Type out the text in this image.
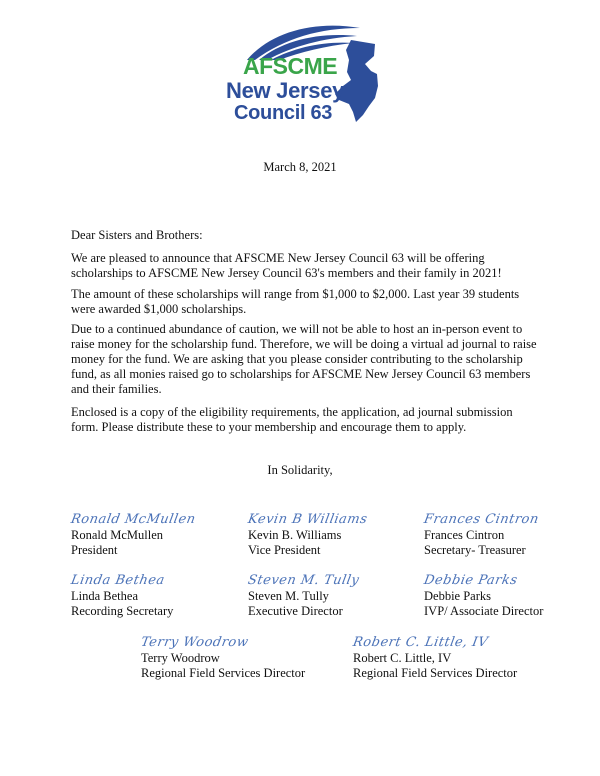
AFSCME
New Jersey
Council 63
March 8, 2021
Dear Sisters and Brothers:

We are pleased to announce that AFSCME New Jersey Council 63 will be offering scholarships to AFSCME New Jersey Council 63's members and their family in 2021!

The amount of these scholarships will range from $1,000 to $2,000. Last year 39 students were awarded $1,000 scholarships.

Due to a continued abundance of caution, we will not be able to host an in-person event to raise money for the scholarship fund. Therefore, we will be doing a virtual ad journal to raise money for the fund. We are asking that you please consider contributing to the scholarship fund, as all monies raised go to scholarships for AFSCME New Jersey Council 63 members and their families.

Enclosed is a copy of the eligibility requirements, the application, ad journal submission form. Please distribute these to your membership and encourage them to apply.

In Solidarity,
Ronald McMullen
Ronald McMullen
President
Kevin B Williams
Kevin B. Williams
Vice President
Frances Cintron
Frances Cintron
Secretary- Treasurer
Linda Bethea
Linda Bethea
Recording Secretary
Steven M. Tully
Steven M. Tully
Executive Director
Debbie Parks
Debbie Parks
IVP/ Associate Director
Terry Woodrow
Terry Woodrow
Regional Field Services Director
Robert C. Little, IV
Robert C. Little, IV
Regional Field Services Director
